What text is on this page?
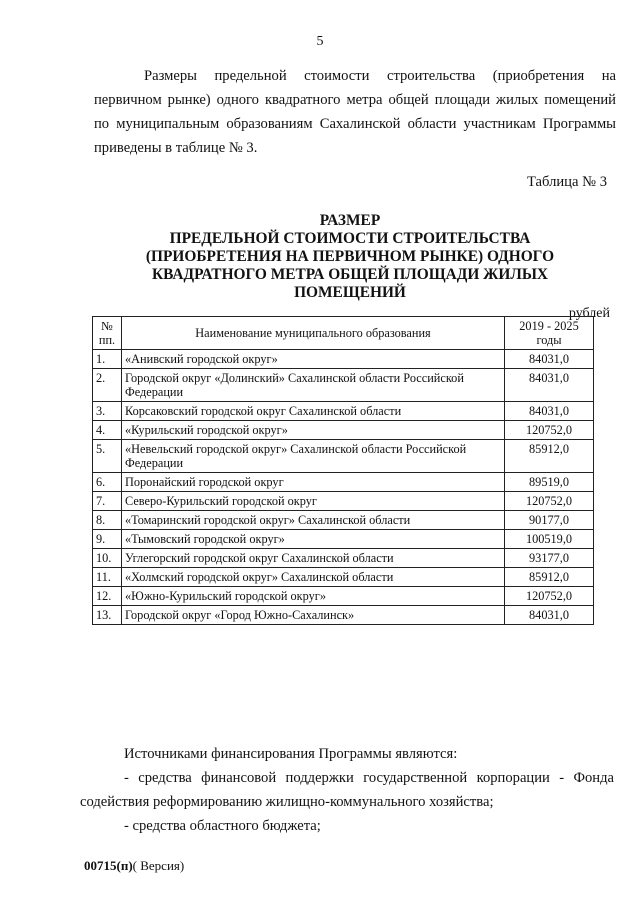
5

Размеры предельной стоимости строительства (приобретения на первичном рынке) одного квадратного метра общей площади жилых помещений по муниципальным образованиям Сахалинской области участникам Программы приведены в таблице № 3.

Таблица № 3
РАЗМЕР
ПРЕДЕЛЬНОЙ СТОИМОСТИ СТРОИТЕЛЬСТВА
(ПРИОБРЕТЕНИЯ НА ПЕРВИЧНОМ РЫНКЕ) ОДНОГО
КВАДРАТНОГО МЕТРА ОБЩЕЙ ПЛОЩАДИ ЖИЛЫХ
ПОМЕЩЕНИЙ
рублей
№ пп.	Наименование муниципального образования	2019 - 2025 годы
1.	«Анивский городской округ»	84031,0
2.	Городской округ «Долинский» Сахалинской области Российской Федерации	84031,0
3.	Корсаковский городской округ Сахалинской области	84031,0
4.	«Курильский городской округ»	120752,0
5.	«Невельский городской округ» Сахалинской области Российской Федерации	85912,0
6.	Поронайский городской округ	89519,0
7.	Северо-Курильский городской округ	120752,0
8.	«Томаринский городской округ» Сахалинской области	90177,0
9.	«Тымовский городской округ»	100519,0
10.	Углегорский городской округ Сахалинской области	93177,0
11.	«Холмский городской округ» Сахалинской области	85912,0
12.	«Южно-Курильский городской округ»	120752,0
13.	Городской округ «Город Южно-Сахалинск»	84031,0

Источниками финансирования Программы являются:

- средства финансовой поддержки государственной корпорации - Фонда содействия реформированию жилищно-коммунального хозяйства;

- средства областного бюджета;

00715(п)( Версия)
